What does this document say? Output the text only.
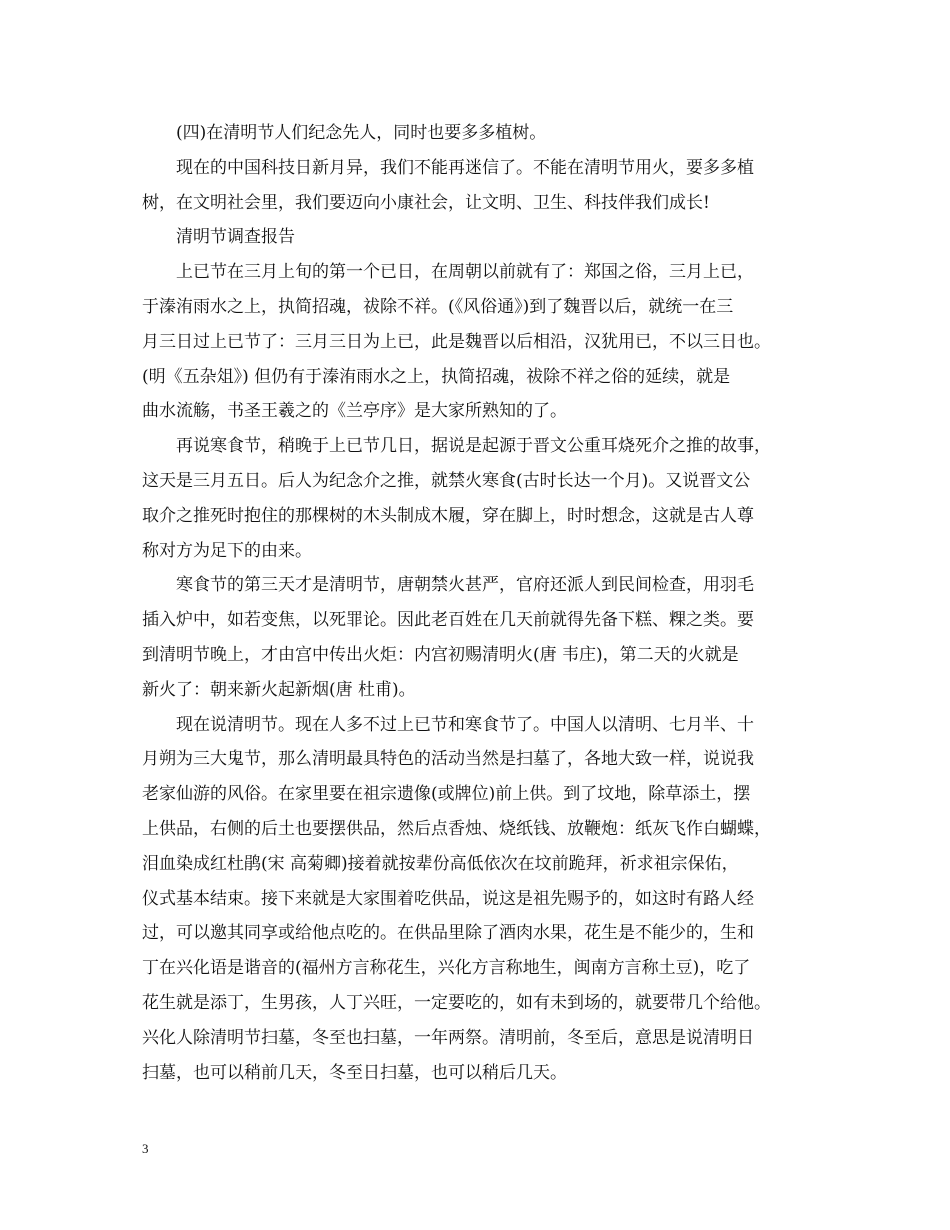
(四)在清明节人们纪念先人，同时也要多多植树。
现在的中国科技日新月异，我们不能再迷信了。不能在清明节用火，要多多植
树，在文明社会里，我们要迈向小康社会，让文明、卫生、科技伴我们成长!
清明节调查报告
上已节在三月上旬的第一个已日，在周朝以前就有了：郑国之俗，三月上已，
于溱洧雨水之上，执简招魂，祓除不祥。(《风俗通》)到了魏晋以后，就统一在三
月三日过上已节了：三月三日为上已，此是魏晋以后相沿，汉犹用已，不以三日也。
(明《五杂俎》) 但仍有于溱洧雨水之上，执简招魂，祓除不祥之俗的延续，就是
曲水流觞，书圣王羲之的《兰亭序》是大家所熟知的了。
再说寒食节，稍晚于上已节几日，据说是起源于晋文公重耳烧死介之推的故事，
这天是三月五日。后人为纪念介之推，就禁火寒食(古时长达一个月)。又说晋文公
取介之推死时抱住的那棵树的木头制成木履，穿在脚上，时时想念，这就是古人尊
称对方为足下的由来。
寒食节的第三天才是清明节，唐朝禁火甚严，官府还派人到民间检查，用羽毛
插入炉中，如若变焦，以死罪论。因此老百姓在几天前就得先备下糕、粿之类。要
到清明节晚上，才由宫中传出火炬：内宫初赐清明火(唐 韦庄)，第二天的火就是
新火了：朝来新火起新烟(唐 杜甫)。
现在说清明节。现在人多不过上已节和寒食节了。中国人以清明、七月半、十
月朔为三大鬼节，那么清明最具特色的活动当然是扫墓了，各地大致一样，说说我
老家仙游的风俗。在家里要在祖宗遗像(或牌位)前上供。到了坟地，除草添土，摆
上供品，右侧的后土也要摆供品，然后点香烛、烧纸钱、放鞭炮：纸灰飞作白蝴蝶，
泪血染成红杜鹃(宋 高菊卿)接着就按辈份高低依次在坟前跪拜，祈求祖宗保佑，
仪式基本结束。接下来就是大家围着吃供品，说这是祖先赐予的，如这时有路人经
过，可以邀其同享或给他点吃的。在供品里除了酒肉水果，花生是不能少的，生和
丁在兴化语是谐音的(福州方言称花生，兴化方言称地生，闽南方言称土豆)，吃了
花生就是添丁，生男孩，人丁兴旺，一定要吃的，如有未到场的，就要带几个给他。
兴化人除清明节扫墓，冬至也扫墓，一年两祭。清明前，冬至后，意思是说清明日
扫墓，也可以稍前几天，冬至日扫墓，也可以稍后几天。
3
